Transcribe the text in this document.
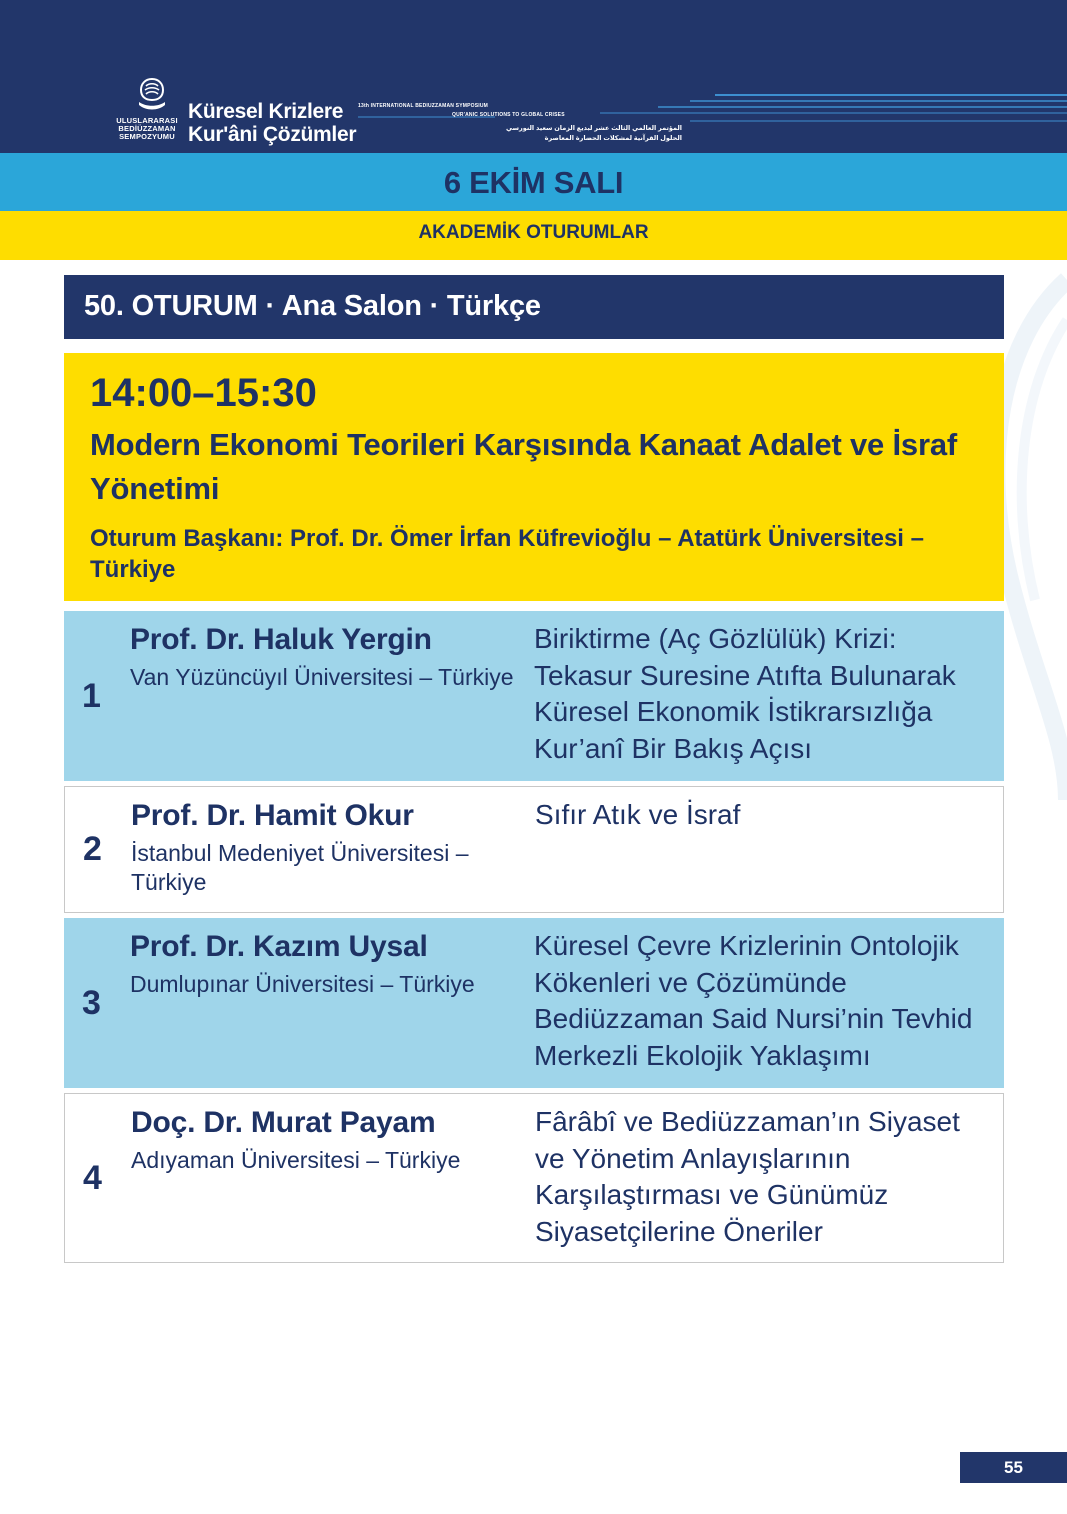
ULUSLARARASI
BEDİÜZZAMAN
SEMPOZYUMU
Küresel Krizlere
Kur'âni Çözümler
13th INTERNATIONAL BEDIUZZAMAN SYMPOSIUM
QUR'ANIC SOLUTIONS TO GLOBAL CRISES
المؤتمر العالمي الثالث عشر لبديع الزمان سعيد النورسي
الحلول القرآنية لمشكلات الحضارة المعاصرة
6 EKİM SALI
AKADEMİK OTURUMLAR
50. OTURUM · Ana Salon · Türkçe
14:00–15:30
Modern Ekonomi Teorileri Karşısında Kanaat Adalet ve İsraf Yönetimi
Oturum Başkanı: Prof. Dr. Ömer İrfan Küfrevioğlu – Atatürk Üniversitesi – Türkiye
1
Prof. Dr. Haluk Yergin
Van Yüzüncüyıl Üniversitesi – Türkiye
Biriktirme (Aç Gözlülük) Krizi: Tekasur Suresine Atıfta Bulunarak Küresel Ekonomik İstikrarsızlığa Kur’anî Bir Bakış Açısı
2
Prof. Dr. Hamit Okur
İstanbul Medeniyet Üniversitesi – Türkiye
Sıfır Atık ve İsraf
3
Prof. Dr. Kazım Uysal
Dumlupınar Üniversitesi – Türkiye
Küresel Çevre Krizlerinin Ontolojik Kökenleri ve Çözümünde Bediüzzaman Said Nursi’nin Tevhid Merkezli Ekolojik Yaklaşımı
4
Doç. Dr. Murat Payam
Adıyaman Üniversitesi – Türkiye
Fârâbî ve Bediüzzaman’ın Siyaset ve Yönetim Anlayışlarının Karşılaştırması ve Günümüz Siyasetçilerine Öneriler
55
